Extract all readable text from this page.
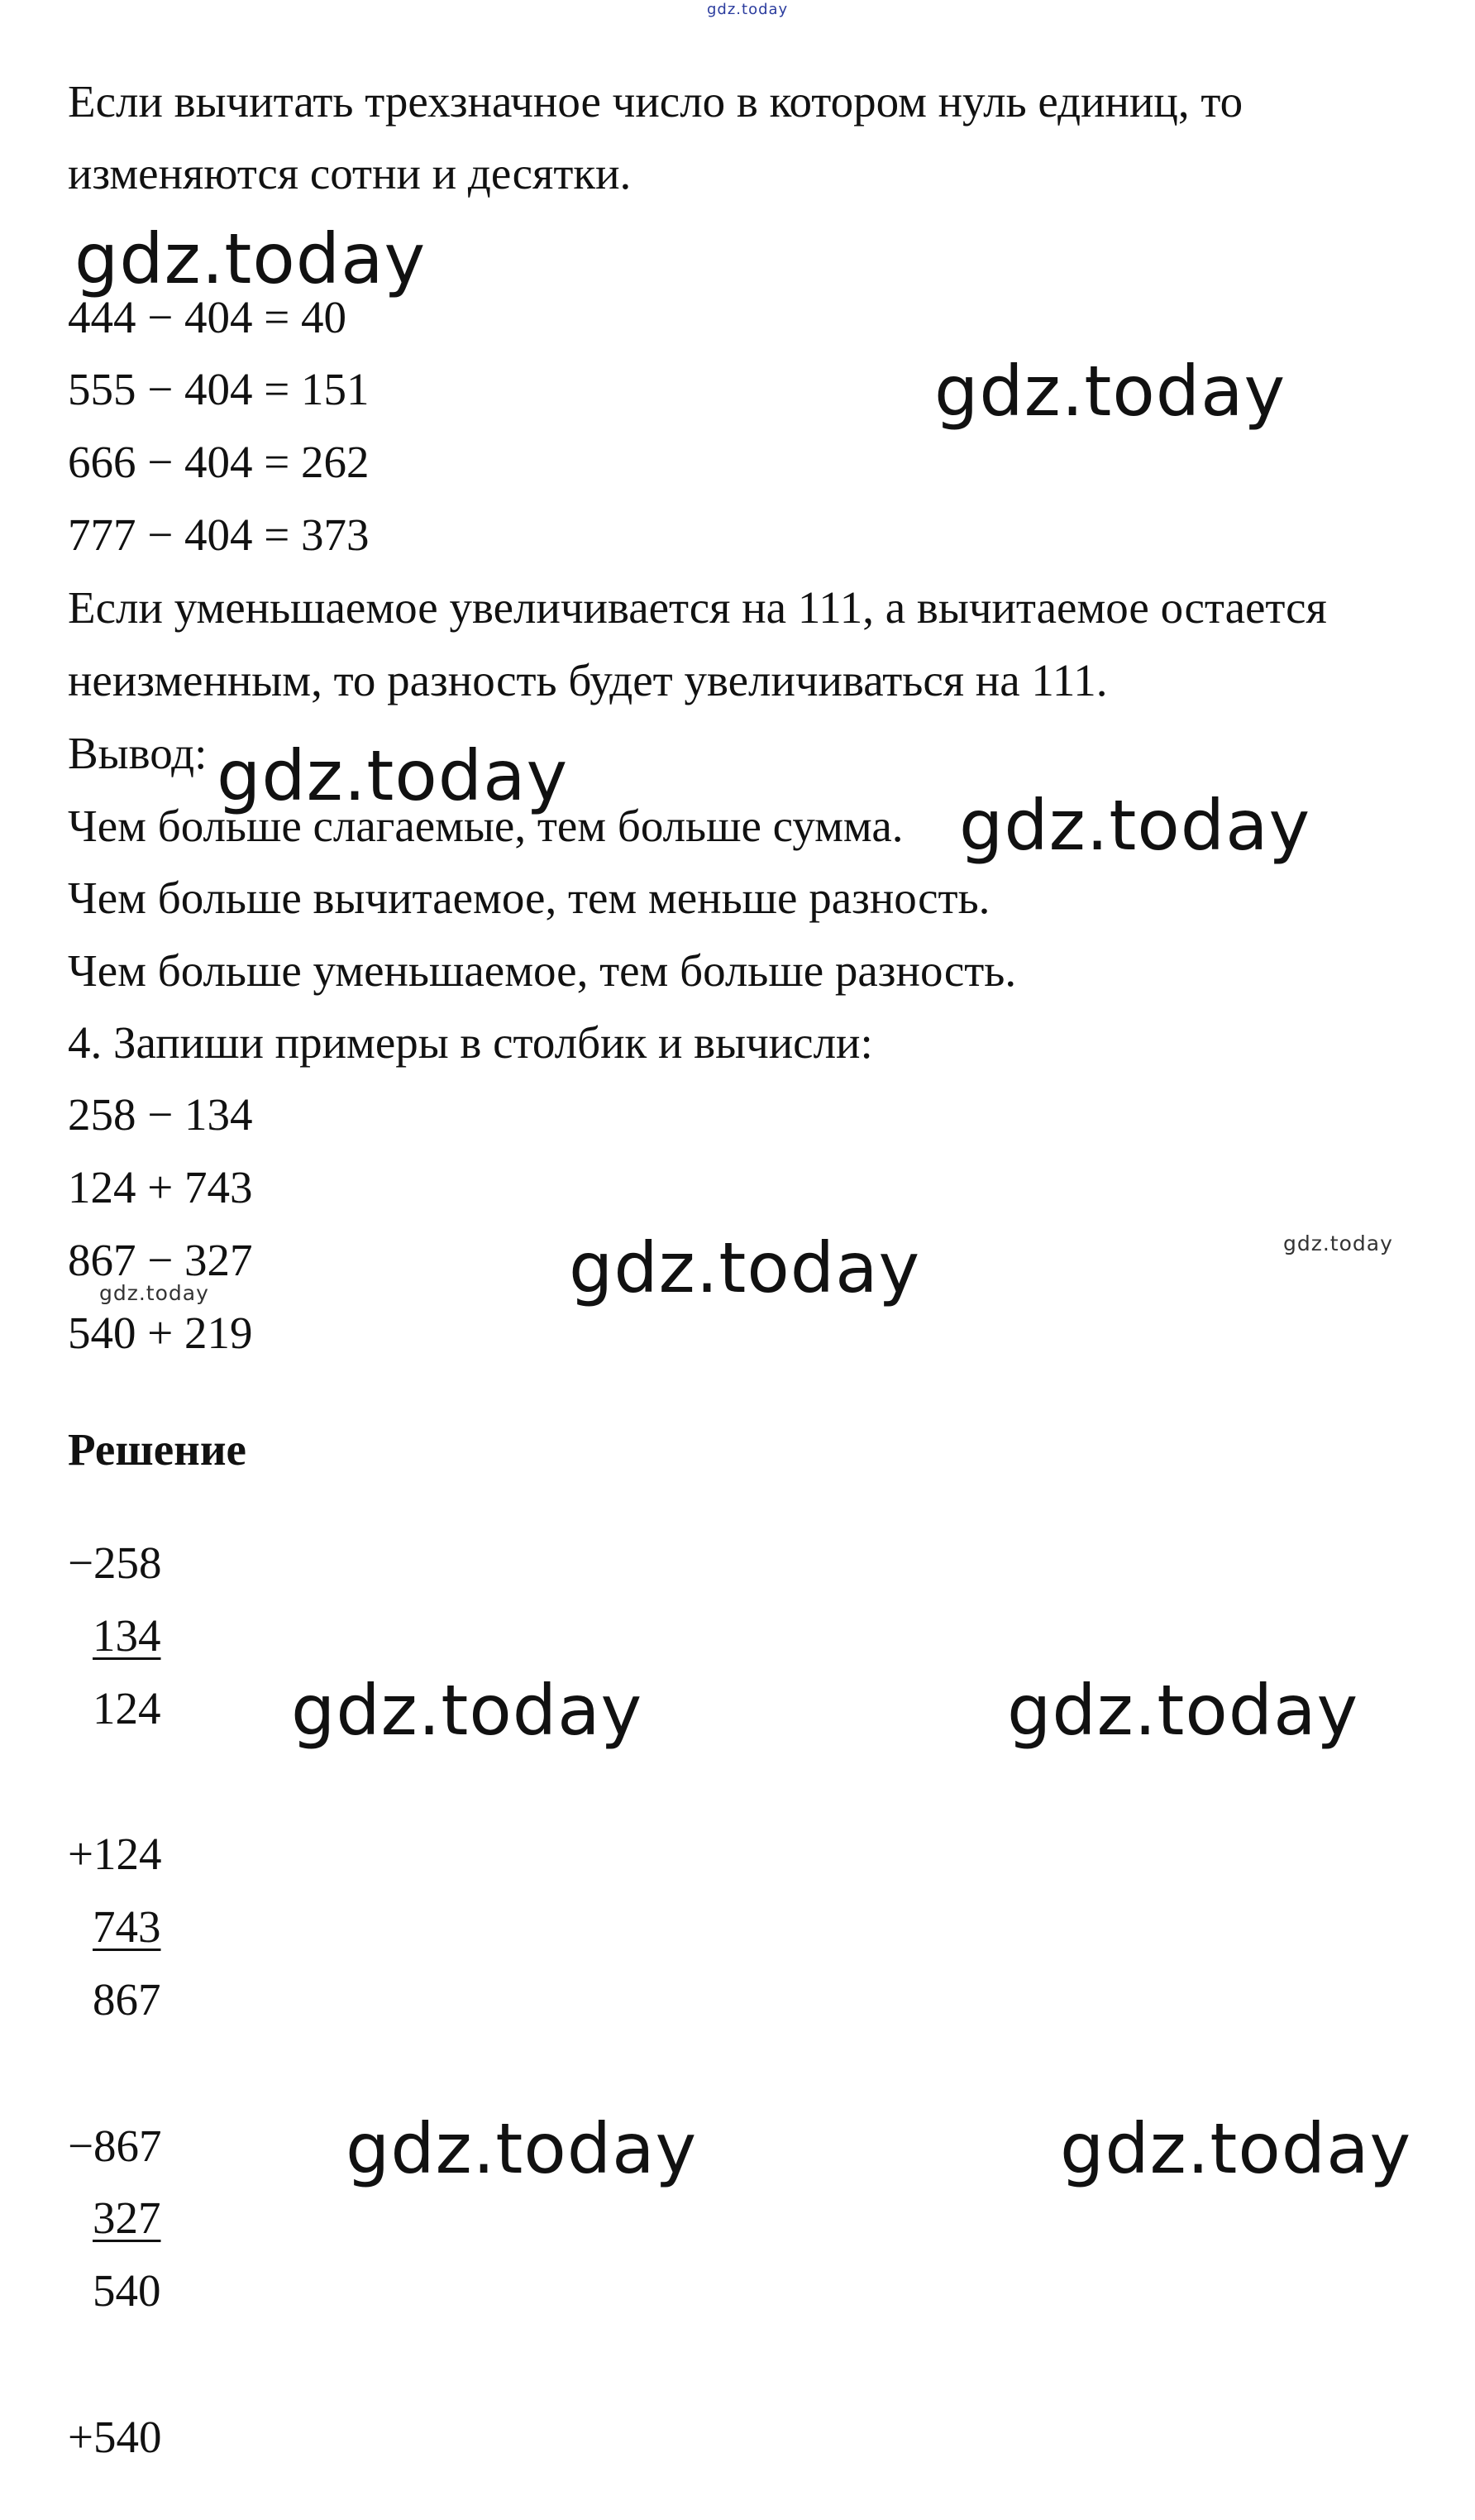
gdz.today
gdz.today
gdz.today
gdz.today
gdz.today
gdz.today	gdz.today
gdz.today
gdz.today	gdz.today
gdz.today	gdz.today

Если вычитать трехзначное число в котором нуль единиц, то

изменяются сотни и десятки.

444 − 404 = 40

555 − 404 = 151

666 − 404 = 262

777 − 404 = 373

Если уменьшаемое увеличивается на 111, а вычитаемое остается

неизменным, то разность будет увеличиваться на 111.

Вывод:

Чем больше слагаемые, тем больше сумма.

Чем больше вычитаемое, тем меньше разность.

Чем больше уменьшаемое, тем больше разность.

4. Запиши примеры в столбик и вычисли:

258 − 134

124 + 743

867 − 327

540 + 219

Решение

−258

134

124

+124

743

867

−867

327

540

+540
